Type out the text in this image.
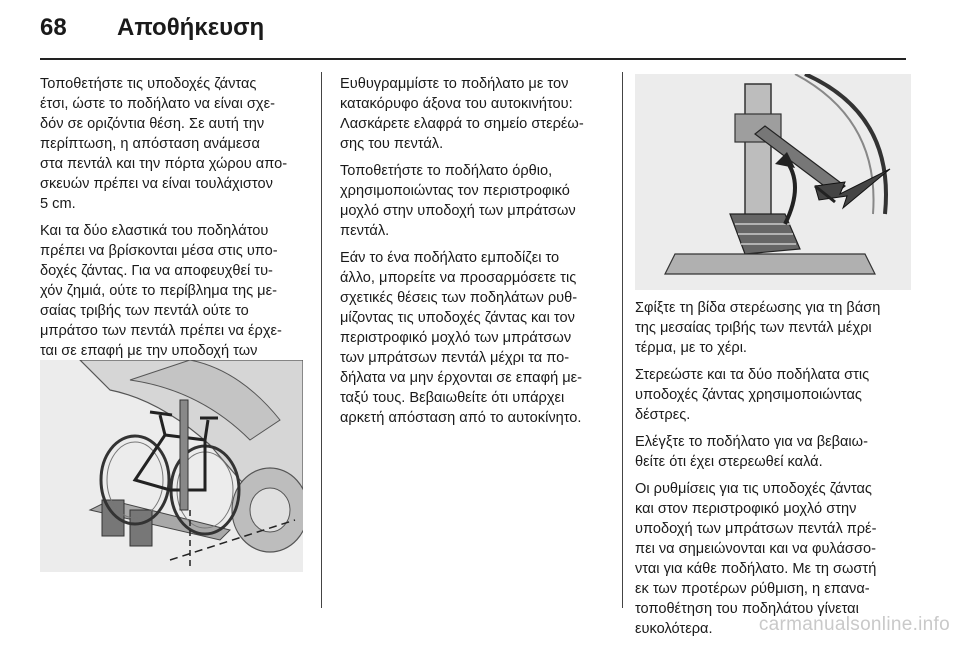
68 Αποθήκευση

Τοποθετήστε τις υποδοχές ζάντας
έτσι, ώστε το ποδήλατο να είναι σχε-
δόν σε οριζόντια θέση. Σε αυτή την
περίπτωση, η απόσταση ανάμεσα
στα πεντάλ και την πόρτα χώρου απο-
σκευών πρέπει να είναι τουλάχιστον
5 cm.

Και τα δύο ελαστικά του ποδηλάτου
πρέπει να βρίσκονται μέσα στις υπο-
δοχές ζάντας. Για να αποφευχθεί τυ-
χόν ζημιά, ούτε το περίβλημα της με-
σαίας τριβής των πεντάλ ούτε το
μπράτσο των πεντάλ πρέπει να έρχε-
ται σε επαφή με την υποδοχή των

Ευθυγραμμίστε το ποδήλατο με τον
κατακόρυφο άξονα του αυτοκινήτου:
Λασκάρετε ελαφρά το σημείο στερέω-
σης του πεντάλ.

Τοποθετήστε το ποδήλατο όρθιο,
χρησιμοποιώντας τον περιστροφικό
μοχλό στην υποδοχή των μπράτσων
πεντάλ.

Εάν το ένα ποδήλατο εμποδίζει το
άλλο, μπορείτε να προσαρμόσετε τις
σχετικές θέσεις των ποδηλάτων ρυθ-
μίζοντας τις υποδοχές ζάντας και τον
περιστροφικό μοχλό των μπράτσων
των μπράτσων πεντάλ μέχρι τα πο-
δήλατα να μην έρχονται σε επαφή με-
ταξύ τους. Βεβαιωθείτε ότι υπάρχει
αρκετή απόσταση από το αυτοκίνητο.

Σφίξτε τη βίδα στερέωσης για τη βάση
της μεσαίας τριβής των πεντάλ μέχρι
τέρμα, με το χέρι.

Στερεώστε και τα δύο ποδήλατα στις
υποδοχές ζάντας χρησιμοποιώντας
δέστρες.

Ελέγξτε το ποδήλατο για να βεβαιω-
θείτε ότι έχει στερεωθεί καλά.

Οι ρυθμίσεις για τις υποδοχές ζάντας
και στον περιστροφικό μοχλό στην
υποδοχή των μπράτσων πεντάλ πρέ-
πει να σημειώνονται και να φυλάσσο-
νται για κάθε ποδήλατο. Με τη σωστή
εκ των προτέρων ρύθμιση, η επανα-
τοποθέτηση του ποδηλάτου γίνεται
ευκολότερα.	carmanualsonline.info
